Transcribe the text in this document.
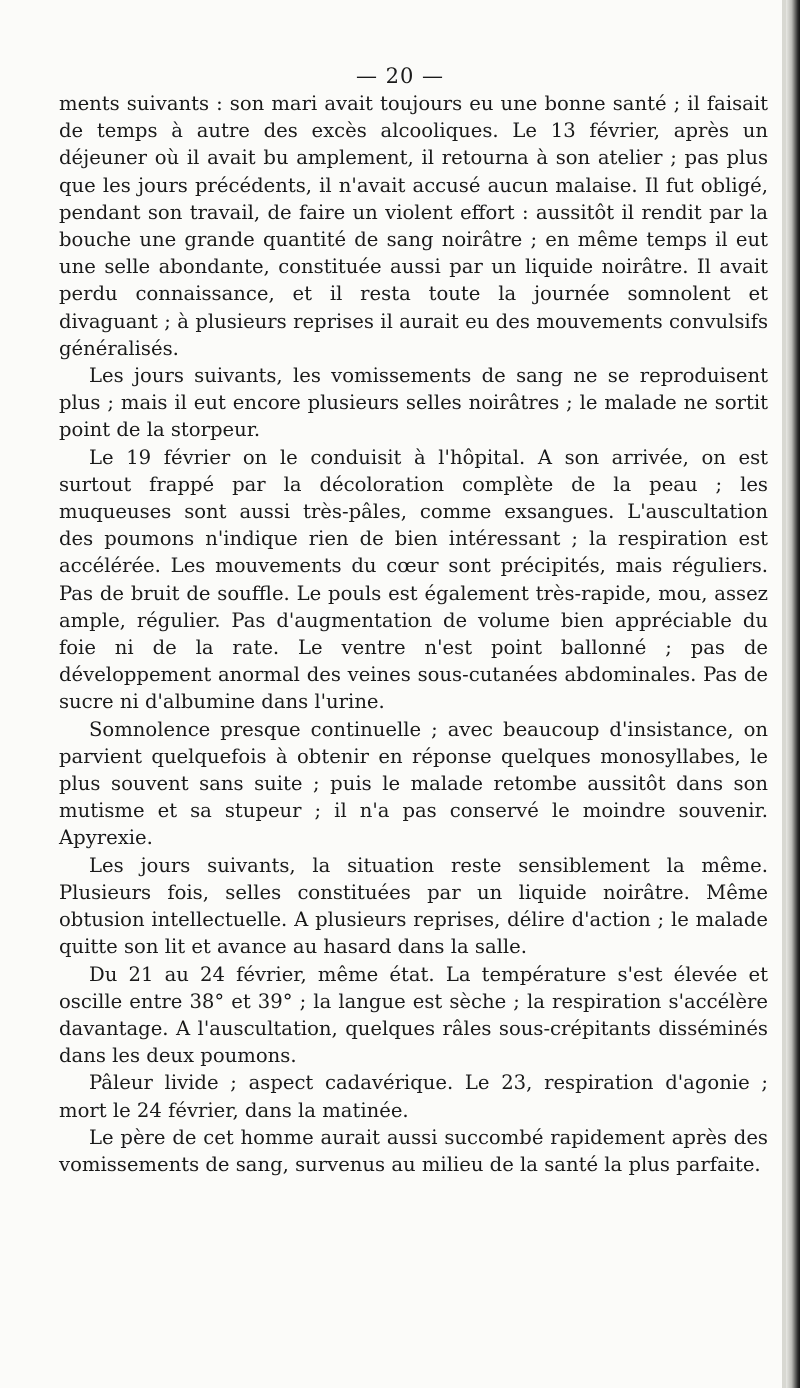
— 20 —

ments suivants : son mari avait toujours eu une bonne santé ; il faisait de temps à autre des excès alcooliques. Le 13 février, après un déjeuner où il avait bu amplement, il retourna à son atelier ; pas plus que les jours précédents, il n'avait accusé aucun malaise. Il fut obligé, pendant son travail, de faire un violent effort : aussitôt il rendit par la bouche une grande quantité de sang noirâtre ; en même temps il eut une selle abondante, constituée aussi par un liquide noirâtre. Il avait perdu connaissance, et il resta toute la journée somnolent et divaguant ; à plusieurs reprises il aurait eu des mouvements convulsifs généralisés.

Les jours suivants, les vomissements de sang ne se reproduisent plus ; mais il eut encore plusieurs selles noirâtres ; le malade ne sortit point de la storpeur.

Le 19 février on le conduisit à l'hôpital. A son arrivée, on est surtout frappé par la décoloration complète de la peau ; les muqueuses sont aussi très-pâles, comme exsangues. L'auscultation des poumons n'indique rien de bien intéressant ; la respiration est accélérée. Les mouvements du cœur sont précipités, mais réguliers. Pas de bruit de souffle. Le pouls est également très-rapide, mou, assez ample, régulier. Pas d'augmentation de volume bien appréciable du foie ni de la rate. Le ventre n'est point ballonné ; pas de développement anormal des veines sous-cutanées abdominales. Pas de sucre ni d'albumine dans l'urine.

Somnolence presque continuelle ; avec beaucoup d'insistance, on parvient quelquefois à obtenir en réponse quelques monosyllabes, le plus souvent sans suite ; puis le malade retombe aussitôt dans son mutisme et sa stupeur ; il n'a pas conservé le moindre souvenir. Apyrexie.

Les jours suivants, la situation reste sensiblement la même. Plusieurs fois, selles constituées par un liquide noirâtre. Même obtusion intellectuelle. A plusieurs reprises, délire d'action ; le malade quitte son lit et avance au hasard dans la salle.

Du 21 au 24 février, même état. La température s'est élevée et oscille entre 38° et 39° ; la langue est sèche ; la respiration s'accélère davantage. A l'auscultation, quelques râles sous-crépitants disséminés dans les deux poumons.

Pâleur livide ; aspect cadavérique. Le 23, respiration d'agonie ; mort le 24 février, dans la matinée.

Le père de cet homme aurait aussi succombé rapidement après des vomissements de sang, survenus au milieu de la santé la plus parfaite.
